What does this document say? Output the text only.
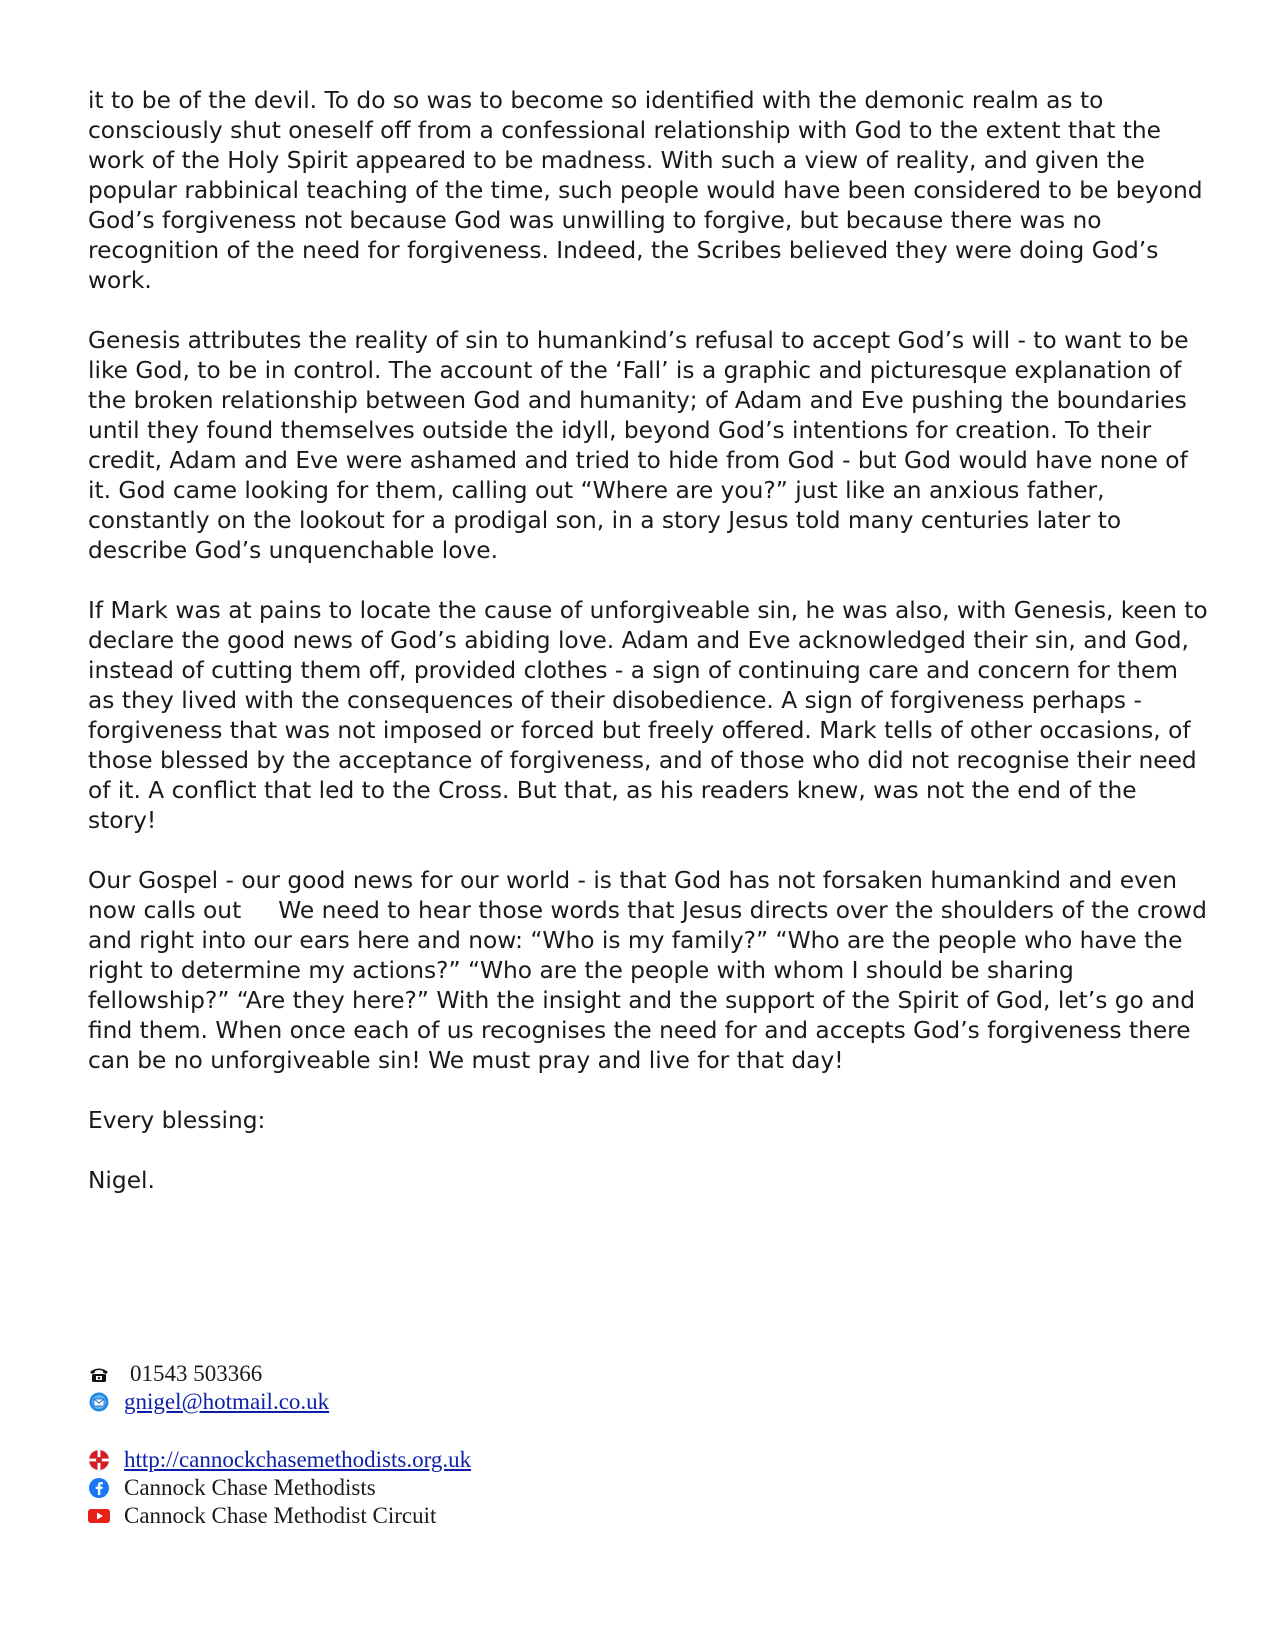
it to be of the devil. To do so was to become so identified with the demonic realm as to consciously shut oneself off from a confessional relationship with God to the extent that the work of the Holy Spirit appeared to be madness. With such a view of reality, and given the popular rabbinical teaching of the time, such people would have been considered to be beyond God’s forgiveness not because God was unwilling to forgive, but because there was no recognition of the need for forgiveness. Indeed, the Scribes believed they were doing God’s work.

Genesis attributes the reality of sin to humankind’s refusal to accept God’s will - to want to be like God, to be in control. The account of the ‘Fall’ is a graphic and picturesque explanation of the broken relationship between God and humanity; of Adam and Eve pushing the boundaries until they found themselves outside the idyll, beyond God’s intentions for creation. To their credit, Adam and Eve were ashamed and tried to hide from God - but God would have none of it. God came looking for them, calling out “Where are you?” just like an anxious father, constantly on the lookout for a prodigal son, in a story Jesus told many centuries later to describe God’s unquenchable love.

If Mark was at pains to locate the cause of unforgiveable sin, he was also, with Genesis, keen to declare the good news of God’s abiding love. Adam and Eve acknowledged their sin, and God, instead of cutting them off, provided clothes - a sign of continuing care and concern for them as they lived with the consequences of their disobedience. A sign of forgiveness perhaps - forgiveness that was not imposed or forced but freely offered. Mark tells of other occasions, of those blessed by the acceptance of forgiveness, and of those who did not recognise their need of it. A conflict that led to the Cross. But that, as his readers knew, was not the end of the story!

Our Gospel - our good news for our world - is that God has not forsaken humankind and even now calls out     We need to hear those words that Jesus directs over the shoulders of the crowd and right into our ears here and now: “Who is my family?” “Who are the people who have the right to determine my actions?” “Who are the people with whom I should be sharing fellowship?” “Are they here?” With the insight and the support of the Spirit of God, let’s go and find them. When once each of us recognises the need for and accepts God’s forgiveness there can be no unforgiveable sin! We must pray and live for that day!

Every blessing:

Nigel.

01543 503366
gnigel@hotmail.co.uk
http://cannockchasemethodists.org.uk
Cannock Chase Methodists
Cannock Chase Methodist Circuit
